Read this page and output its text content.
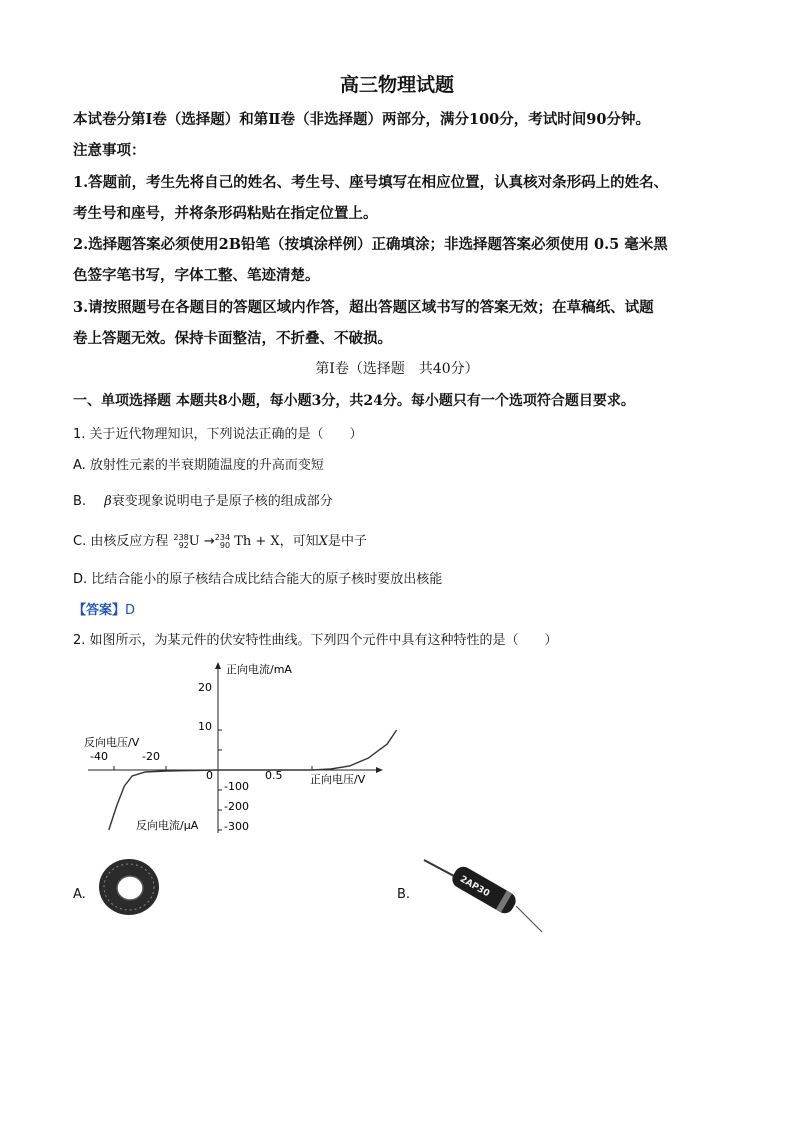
高三物理试题
本试卷分第Ⅰ卷（选择题）和第Ⅱ卷（非选择题）两部分，满分100分，考试时间90分钟。
注意事项：
1.答题前，考生先将自己的姓名、考生号、座号填写在相应位置，认真核对条形码上的姓名、
考生号和座号，并将条形码粘贴在指定位置上。
2.选择题答案必须使用2B铅笔（按填涂样例）正确填涂；非选择题答案必须使用 0.5 毫米黑
色签字笔书写，字体工整、笔迹清楚。
3.请按照题号在各题目的答题区域内作答，超出答题区域书写的答案无效；在草稿纸、试题
卷上答题无效。保持卡面整洁，不折叠、不破损。
第Ⅰ卷（选择题　共40分）
一、单项选择题 本题共8小题，每小题3分，共24分。每小题只有一个选项符合题目要求。
1. 关于近代物理知识，下列说法正确的是（　　）
A. 放射性元素的半衰期随温度的升高而变短
B. β衰变现象说明电子是原子核的组成部分
C. 由核反应方程 238
92 U → 234
90 Th + X，可知X是中子
D. 比结合能小的原子核结合成比结合能大的原子核时要放出核能
【答案】D
2. 如图所示，为某元件的伏安特性曲线。下列四个元件中具有这种特性的是（　　）
正向电流/mA
反向电压/V
正向电压/V
反向电流/μA
0
-40	-20
0.5
20
10
-100
-200
-300
A.	B.	2AP30
